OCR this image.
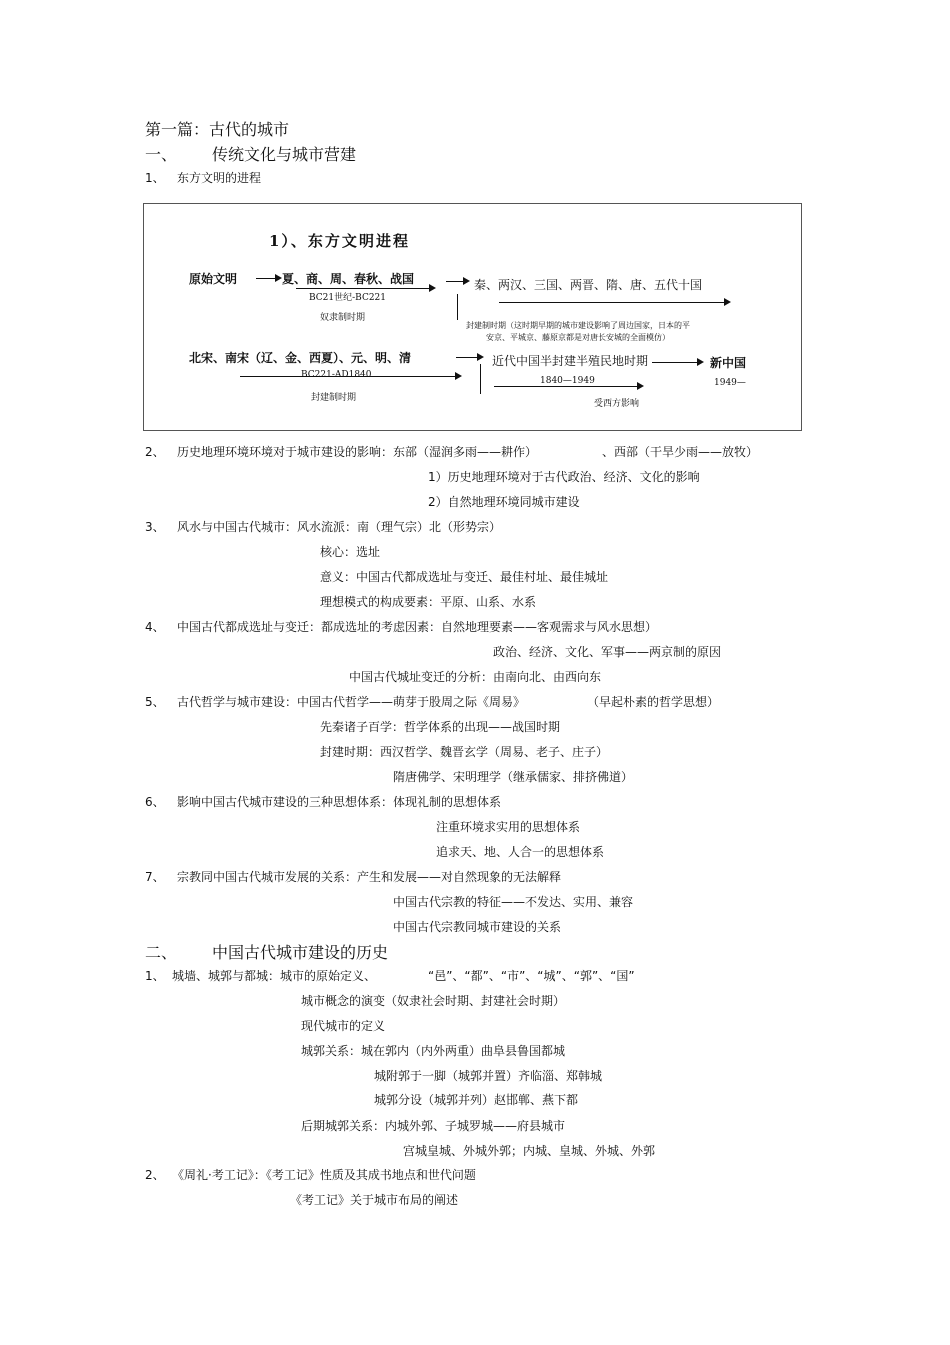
第一篇：古代的城市
一、 传统文化与城市营建
1、 东方文明的进程
1）、东方文明进程
原始文明	夏、商、周、春秋、战国	秦、两汉、三国、两晋、隋、唐、五代十国
BC21世纪-BC221
奴隶制时期
封建制时期（这时期早期的城市建设影响了周边国家，日本的平
安京、平城京、藤原京都是对唐长安城的全面模仿）
北宋、南宋（辽、金、西夏）、元、明、清	近代中国半封建半殖民地时期	新中国
BC221-AD1840
封建制时期
1840—1949
受西方影响
1949—
2、 历史地理环境环境对于城市建设的影响：东部（湿润多雨——耕作）	、西部（干旱少雨——放牧）
1）历史地理环境对于古代政治、经济、文化的影响
2）自然地理环境同城市建设
3、 风水与中国古代城市：风水流派：南（理气宗）北（形势宗）
核心：选址
意义：中国古代都成选址与变迁、最佳村址、最佳城址
理想模式的构成要素：平原、山系、水系
4、 中国古代都成选址与变迁：都成选址的考虑因素：自然地理要素——客观需求与风水思想）
政治、经济、文化、军事——两京制的原因
中国古代城址变迁的分析：由南向北、由西向东
5、 古代哲学与城市建设：中国古代哲学——萌芽于股周之际《周易》	（早起朴素的哲学思想）
先秦诸子百学：哲学体系的出现——战国时期
封建时期：西汉哲学、魏晋玄学（周易、老子、庄子）
隋唐佛学、宋明理学（继承儒家、排挤佛道）
6、 影响中国古代城市建设的三种思想体系：体现礼制的思想体系
注重环境求实用的思想体系
追求天、地、人合一的思想体系
7、 宗教同中国古代城市发展的关系：产生和发展——对自然现象的无法解释
中国古代宗教的特征——不发达、实用、兼容
中国古代宗教同城市建设的关系
二、 中国古代城市建设的历史
1、 城墙、城郭与都城：城市的原始定义、	“邑”、“都”、“市”、“城”、“郭”、“国”
城市概念的演变（奴隶社会时期、封建社会时期）
现代城市的定义
城郭关系：城在郭内（内外两重）曲阜县鲁国都城
城附郭于一脚（城郭并置）齐临淄、郑韩城
城郭分设（城郭并列）赵邯郸、燕下都
后期城郭关系：内城外郭、子城罗城——府县城市
宫城皇城、外城外郭；内城、皇城、外城、外郭
2、 《周礼·考工记》：《考工记》性质及其成书地点和世代问题
《考工记》关于城市布局的阐述
